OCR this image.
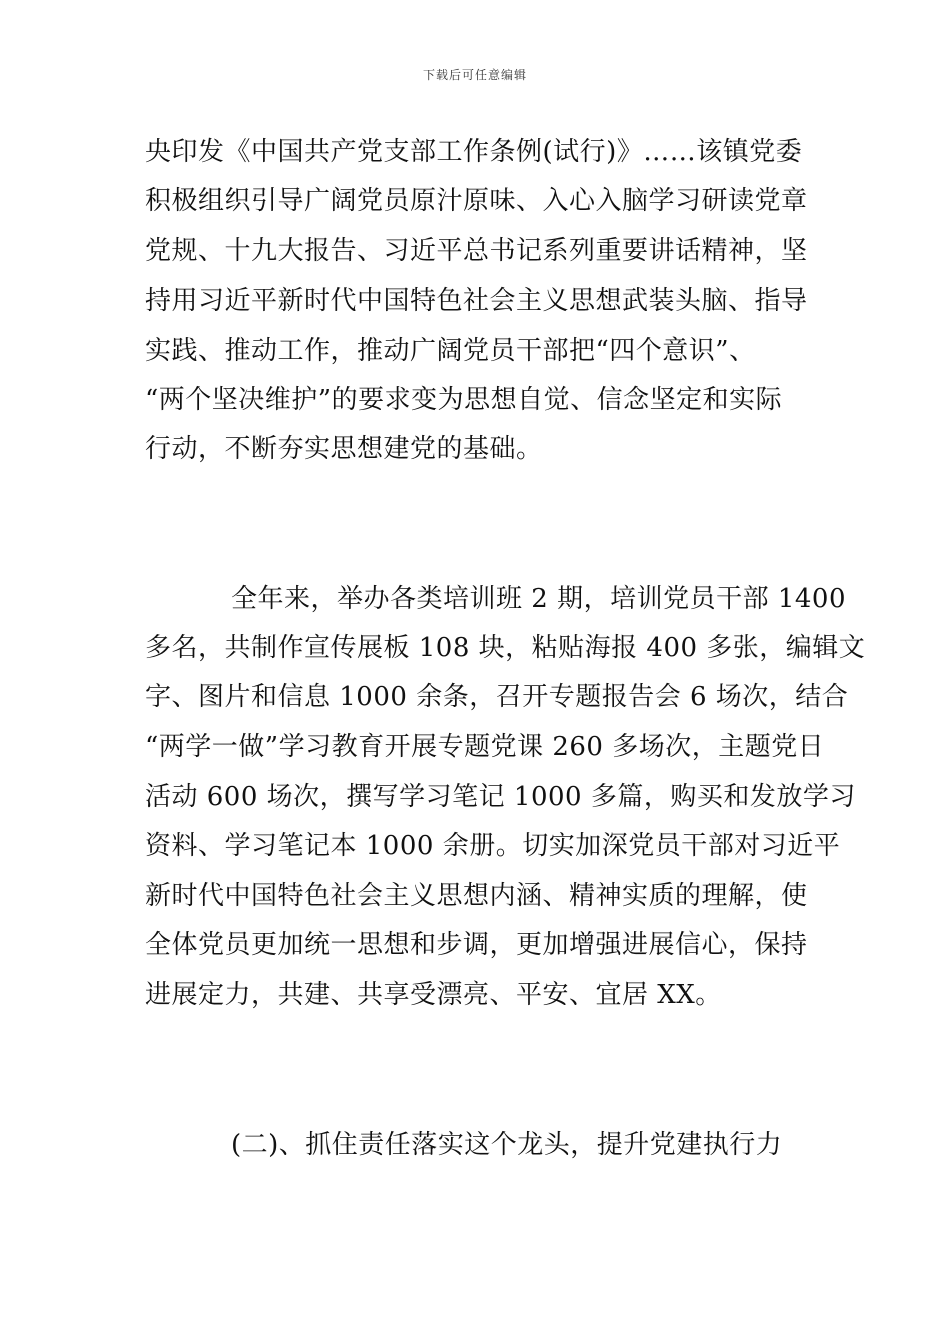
下载后可任意编辑
央印发《中国共产党支部工作条例(试行)》……该镇党委
积极组织引导广阔党员原汁原味、入心入脑学习研读党章
党规、十九大报告、习近平总书记系列重要讲话精神，坚
持用习近平新时代中国特色社会主义思想武装头脑、指导
实践、推动工作，推动广阔党员干部把“四个意识”、
“两个坚决维护”的要求变为思想自觉、信念坚定和实际
行动，不断夯实思想建党的基础。
全年来，举办各类培训班 2 期，培训党员干部 1400
多名，共制作宣传展板 108 块，粘贴海报 400 多张，编辑文
字、图片和信息 1000 余条，召开专题报告会 6 场次，结合
“两学一做”学习教育开展专题党课 260 多场次，主题党日
活动 600 场次，撰写学习笔记 1000 多篇，购买和发放学习
资料、学习笔记本 1000 余册。切实加深党员干部对习近平
新时代中国特色社会主义思想内涵、精神实质的理解，使
全体党员更加统一思想和步调，更加增强进展信心，保持
进展定力，共建、共享受漂亮、平安、宜居 XX。
(二)、抓住责任落实这个龙头，提升党建执行力
